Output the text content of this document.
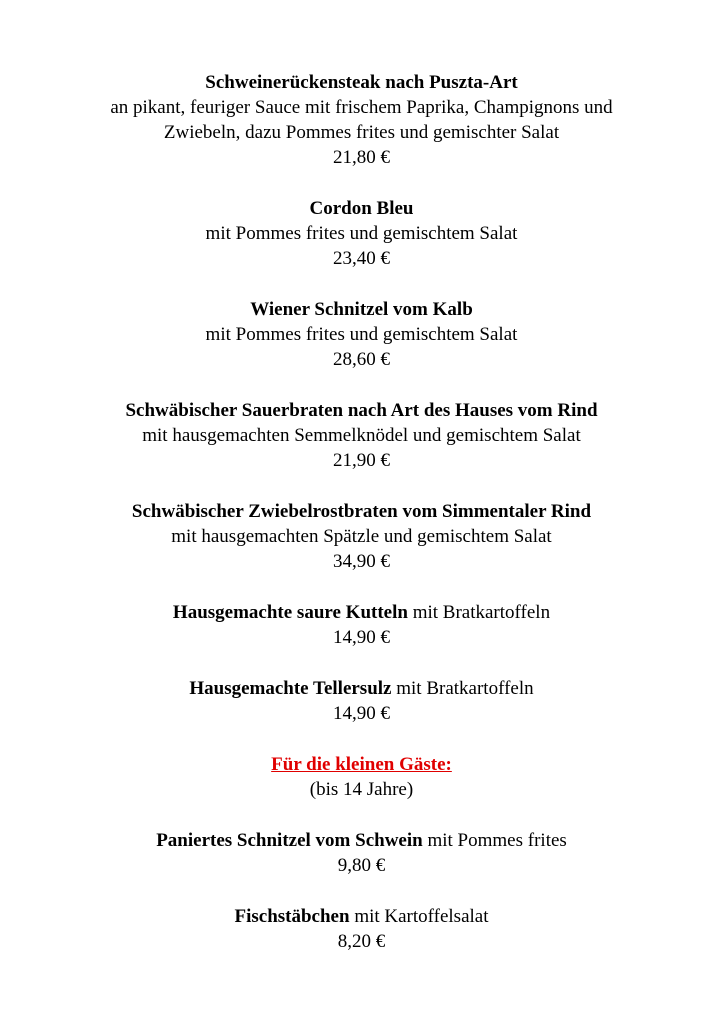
Schweinerückensteak nach Puszta-Art
an pikant, feuriger Sauce mit frischem Paprika, Champignons und
Zwiebeln, dazu Pommes frites und gemischter Salat
21,80 €
Cordon Bleu
mit Pommes frites und gemischtem Salat
23,40 €
Wiener Schnitzel vom Kalb
mit Pommes frites und gemischtem Salat
28,60 €
Schwäbischer Sauerbraten nach Art des Hauses vom Rind
mit hausgemachten Semmelknödel und gemischtem Salat
21,90 €
Schwäbischer Zwiebelrostbraten vom Simmentaler Rind
mit hausgemachten Spätzle und gemischtem Salat
34,90 €
Hausgemachte saure Kutteln mit Bratkartoffeln
14,90 €
Hausgemachte Tellersulz mit Bratkartoffeln
14,90 €
Für die kleinen Gäste:
(bis 14 Jahre)
Paniertes Schnitzel vom Schwein mit Pommes frites
9,80 €
Fischstäbchen mit Kartoffelsalat
8,20 €
